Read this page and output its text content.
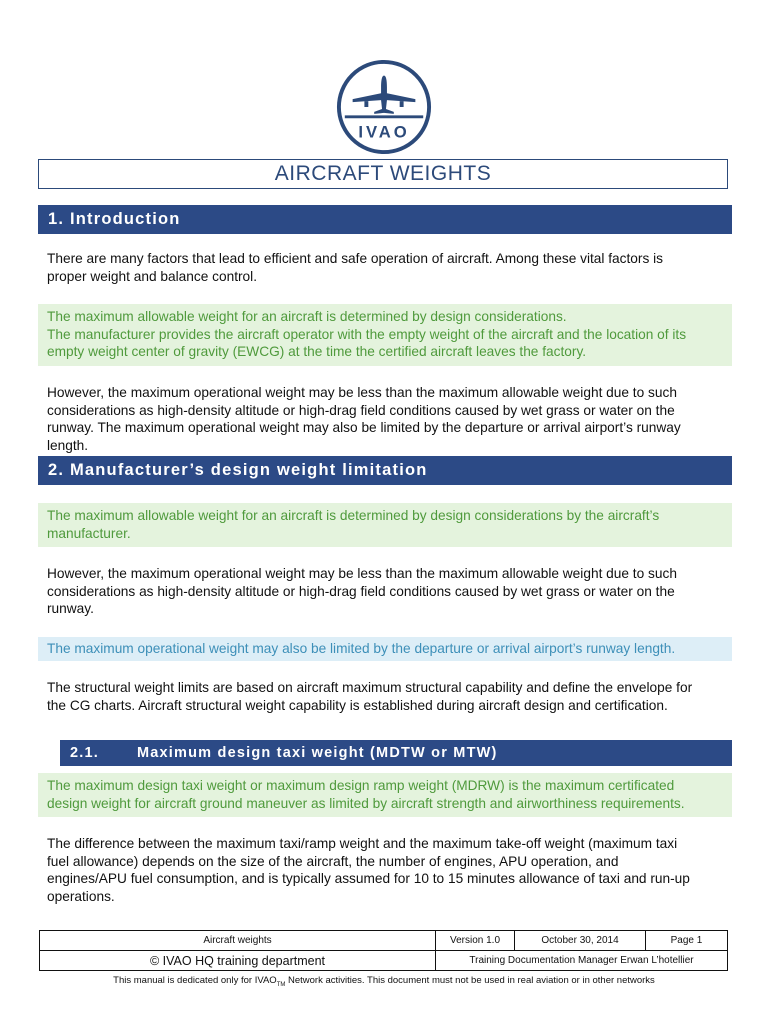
IVAO
AIRCRAFT WEIGHTS
1. Introduction

There are many factors that lead to efficient and safe operation of aircraft. Among these vital factors is
proper weight and balance control.

The maximum allowable weight for an aircraft is determined by design considerations.
The manufacturer provides the aircraft operator with the empty weight of the aircraft and the location of its
empty weight center of gravity (EWCG) at the time the certified aircraft leaves the factory.

However, the maximum operational weight may be less than the maximum allowable weight due to such
considerations as high-density altitude or high-drag field conditions caused by wet grass or water on the
runway. The maximum operational weight may also be limited by the departure or arrival airport’s runway
length.

2. Manufacturer’s design weight limitation
The maximum allowable weight for an aircraft is determined by design considerations by the aircraft’s
manufacturer.

However, the maximum operational weight may be less than the maximum allowable weight due to such
considerations as high-density altitude or high-drag field conditions caused by wet grass or water on the
runway.

The maximum operational weight may also be limited by the departure or arrival airport’s runway length.

The structural weight limits are based on aircraft maximum structural capability and define the envelope for
the CG charts. Aircraft structural weight capability is established during aircraft design and certification.

2.1.	Maximum design taxi weight (MDTW or MTW)
The maximum design taxi weight or maximum design ramp weight (MDRW) is the maximum certificated
design weight for aircraft ground maneuver as limited by aircraft strength and airworthiness requirements.

The difference between the maximum taxi/ramp weight and the maximum take-off weight (maximum taxi
fuel allowance) depends on the size of the aircraft, the number of engines, APU operation, and
engines/APU fuel consumption, and is typically assumed for 10 to 15 minutes allowance of taxi and run-up
operations.

Aircraft weights	Version 1.0	October 30, 2014	Page 1
© IVAO HQ training department	Training Documentation Manager Erwan L’hotellier		
This manual is dedicated only for $IVAO_{TM}$ Network activities. This document must not be used in real aviation or in other networks
